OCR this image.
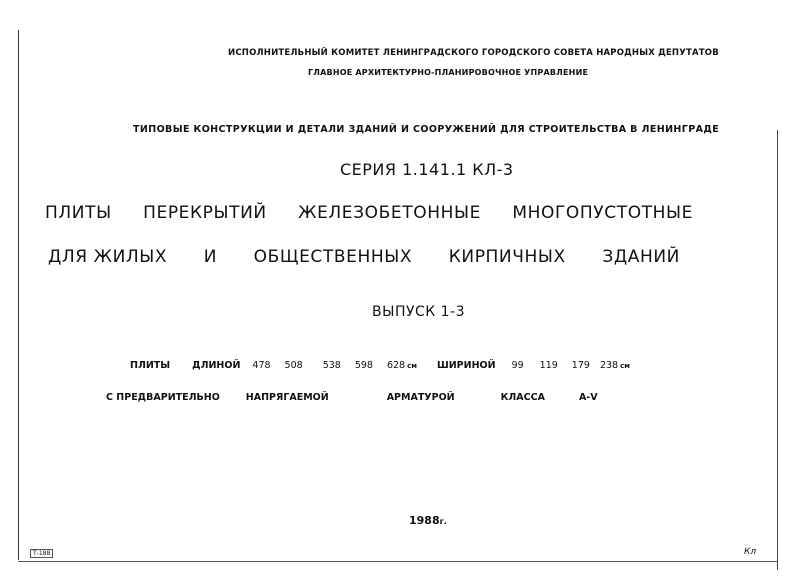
ИСПОЛНИТЕЛЬНЫЙ КОМИТЕТ ЛЕНИНГРАДСКОГО ГОРОДСКОГО СОВЕТА НАРОДНЫХ ДЕПУТАТОВ
ГЛАВНОЕ АРХИТЕКТУРНО-ПЛАНИРОВОЧНОЕ УПРАВЛЕНИЕ
ТИПОВЫЕ КОНСТРУКЦИИ И ДЕТАЛИ ЗДАНИЙ И СООРУЖЕНИЙ ДЛЯ СТРОИТЕЛЬСТВА В ЛЕНИНГРАДЕ
СЕРИЯ 1.141.1 КЛ-3
ПЛИТЫ ПЕРЕКРЫТИЙ ЖЕЛЕЗОБЕТОННЫЕ МНОГОПУСТОТНЫЕ
ДЛЯ ЖИЛЫХ И ОБЩЕСТВЕННЫХ КИРПИЧНЫХ ЗДАНИЙ
ВЫПУСК 1-3
ПЛИТЫ ДЛИНОЙ 478 508 538 598 628 см ШИРИНОЙ 99 119 179 238 см
С ПРЕДВАРИТЕЛЬНО	НАПРЯГАЕМОЙ	АРМАТУРОЙ	КЛАССА	А-V
1988г.
Т-188	Кл
